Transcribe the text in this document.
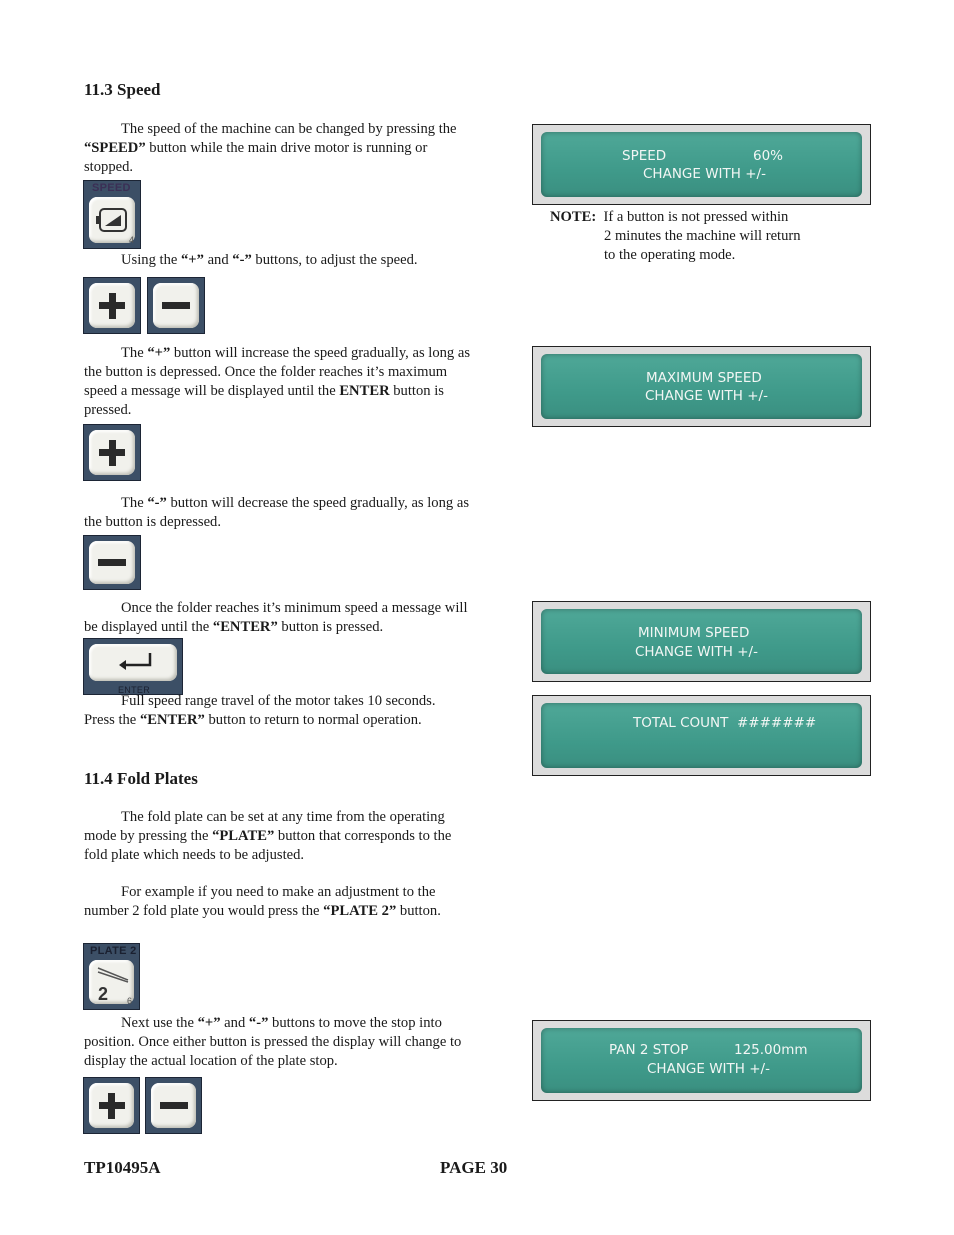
11.3 Speed

The speed of the machine can be changed by pressing the “SPEED” button while the main drive motor is running or stopped.

SPEED
4

Using the “+” and “-” buttons, to adjust the speed.

The “+” button will increase the speed gradually, as long as the button is depressed. Once the folder reaches it’s maximum speed a message will be displayed until the ENTER button is pressed.

The “-” button will decrease the speed gradually, as long as the button is depressed.

Once the folder reaches it’s minimum speed a message will be displayed until the “ENTER” button is pressed.

ENTER

Full speed range travel of the motor takes 10 seconds. Press the “ENTER” button to return to normal operation.

11.4 Fold Plates

The fold plate can be set at any time from the operating mode by pressing the “PLATE” button that corresponds to the fold plate which needs to be adjusted.

For example if you need to make an adjustment to the number 2 fold plate you would press the “PLATE 2” button.

PLATE 2
2 6

Next use the “+” and “-” buttons to move the stop into position. Once either button is pressed the display will change to display the actual location of the plate stop.

SPEED	60%
CHANGE WITH +/-
NOTE: If a button is not pressed within
2 minutes the machine will return
to the operating mode.
MAXIMUM SPEED
CHANGE WITH +/-
MINIMUM SPEED
CHANGE WITH +/-
TOTAL COUNT  #######
PAN 2 STOP	125.00mm
CHANGE WITH +/-
TP10495A	PAGE 30
